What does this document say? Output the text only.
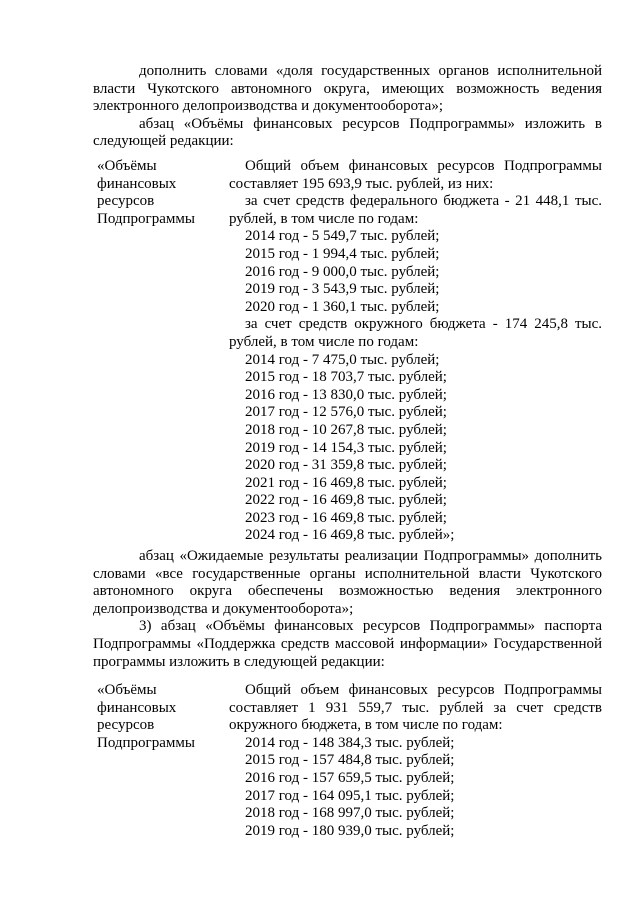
дополнить словами «доля государственных органов исполнительной
власти Чукотского автономного округа, имеющих возможность ведения
электронного делопроизводства и документооборота»;
абзац «Объёмы финансовых ресурсов Подпрограммы» изложить в
следующей редакции:
«Объёмы
финансовых
ресурсов
Подпрограммы
Общий объем финансовых ресурсов Подпрограммы
составляет 195 693,9 тыс. рублей, из них:
за счет средств федерального бюджета - 21 448,1 тыс.
рублей, в том числе по годам:
2014 год - 5 549,7 тыс. рублей;
2015 год - 1 994,4 тыс. рублей;
2016 год - 9 000,0 тыс. рублей;
2019 год - 3 543,9 тыс. рублей;
2020 год - 1 360,1 тыс. рублей;
за счет средств окружного бюджета - 174 245,8 тыс.
рублей, в том числе по годам:
2014 год - 7 475,0 тыс. рублей;
2015 год - 18 703,7 тыс. рублей;
2016 год - 13 830,0 тыс. рублей;
2017 год - 12 576,0 тыс. рублей;
2018 год - 10 267,8 тыс. рублей;
2019 год - 14 154,3 тыс. рублей;
2020 год - 31 359,8 тыс. рублей;
2021 год - 16 469,8 тыс. рублей;
2022 год - 16 469,8 тыс. рублей;
2023 год - 16 469,8 тыс. рублей;
2024 год - 16 469,8 тыс. рублей»;
абзац «Ожидаемые результаты реализации Подпрограммы» дополнить
словами «все государственные органы исполнительной власти Чукотского
автономного округа обеспечены возможностью ведения электронного
делопроизводства и документооборота»;
3) абзац «Объёмы финансовых ресурсов Подпрограммы» паспорта
Подпрограммы «Поддержка средств массовой информации» Государственной
программы изложить в следующей редакции:
«Объёмы
финансовых
ресурсов
Подпрограммы
Общий объем финансовых ресурсов Подпрограммы
составляет 1 931 559,7 тыс. рублей за счет средств
окружного бюджета, в том числе по годам:
2014 год - 148 384,3 тыс. рублей;
2015 год - 157 484,8 тыс. рублей;
2016 год - 157 659,5 тыс. рублей;
2017 год - 164 095,1 тыс. рублей;
2018 год - 168 997,0 тыс. рублей;
2019 год - 180 939,0 тыс. рублей;
